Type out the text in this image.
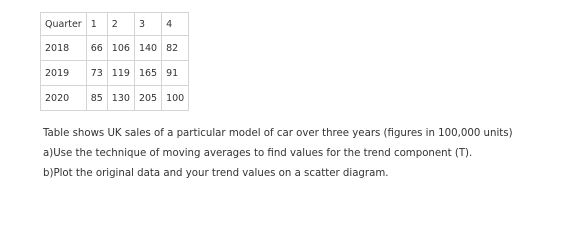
Quarter	1	2	3	4
2018	66	106	140	82
2019	73	119	165	91
2020	85	130	205	100
Table shows UK sales of a particular model of car over three years (figures in 100,000 units)
a)Use the technique of moving averages to find values for the trend component (T).
b)Plot the original data and your trend values on a scatter diagram.
